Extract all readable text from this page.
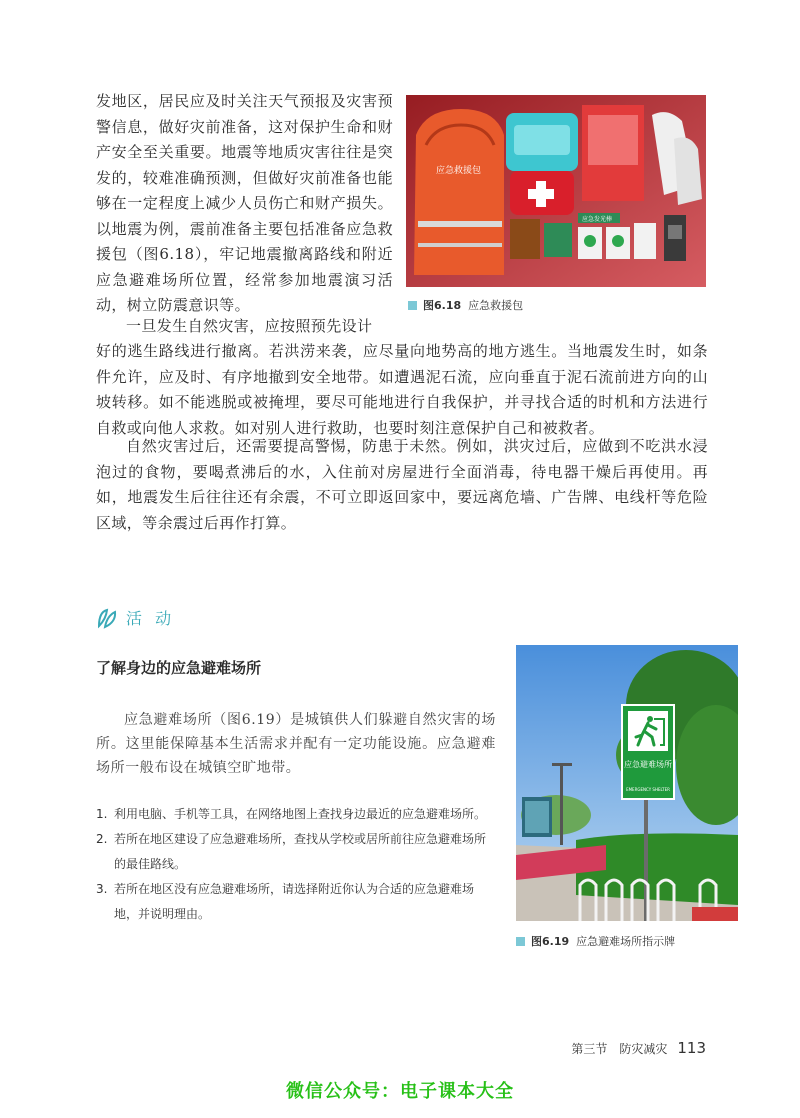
发地区，居民应及时关注天气预报及灾害预警信息，做好灾前准备，这对保护生命和财产安全至关重要。地震等地质灾害往往是突发的，较难准确预测，但做好灾前准备也能够在一定程度上减少人员伤亡和财产损失。以地震为例，震前准备主要包括准备应急救援包（图6.18），牢记地震撤离路线和附近应急避难场所位置，经常参加地震演习活动，树立防震意识等。

应急救援包
应急发光棒
图6.18 应急救援包

一旦发生自然灾害，应按照预先设计

好的逃生路线进行撤离。若洪涝来袭，应尽量向地势高的地方逃生。当地震发生时，如条件允许，应及时、有序地撤到安全地带。如遭遇泥石流，应向垂直于泥石流前进方向的山坡转移。如不能逃脱或被掩埋，要尽可能地进行自我保护，并寻找合适的时机和方法进行自救或向他人求救。如对别人进行救助，也要时刻注意保护自己和被救者。

自然灾害过后，还需要提高警惕，防患于未然。例如，洪灾过后，应做到不吃洪水浸泡过的食物，要喝煮沸后的水，入住前对房屋进行全面消毒，待电器干燥后再使用。再如，地震发生后往往还有余震，不可立即返回家中，要远离危墙、广告牌、电线杆等危险区域，等余震过后再作打算。

活 动
了解身边的应急避难场所

应急避难场所（图6.19）是城镇供人们躲避自然灾害的场所。这里能保障基本生活需求并配有一定功能设施。应急避难场所一般布设在城镇空旷地带。

1. 利用电脑、手机等工具，在网络地图上查找身边最近的应急避难场所。
2. 若所在地区建设了应急避难场所，查找从学校或居所前往应急避难场所的最佳路线。
3. 若所在地区没有应急避难场所，请选择附近你认为合适的应急避难场地，并说明理由。
应急避难场所
EMERGENCY SHELTER
图6.19 应急避难场所指示牌
第三节　防灾减灾 113
微信公众号：电子课本大全
